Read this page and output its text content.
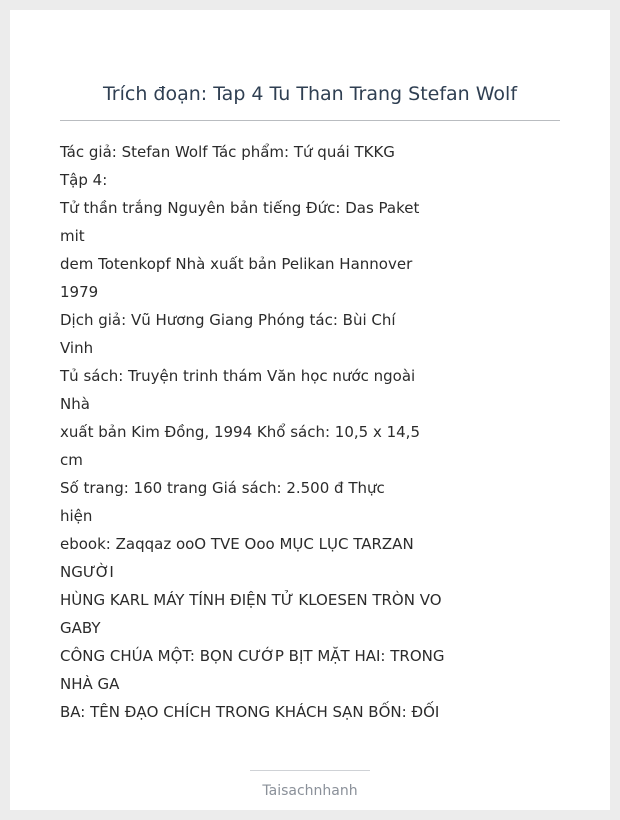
Trích đoạn: Tap 4 Tu Than Trang Stefan Wolf
Tác giả: Stefan Wolf Tác phẩm: Tứ quái TKKG
Tập 4:
Tử thần trắng Nguyên bản tiếng Đức: Das Paket
mit
dem Totenkopf Nhà xuất bản Pelikan Hannover
1979
Dịch giả: Vũ Hương Giang Phóng tác: Bùi Chí
Vinh
Tủ sách: Truyện trinh thám Văn học nước ngoài
Nhà
xuất bản Kim Đồng, 1994 Khổ sách: 10,5 x 14,5
cm
Số trang: 160 trang Giá sách: 2.500 đ Thực
hiện
ebook: Zaqqaz ooO TVE Ooo MỤC LỤC TARZAN
NGƯỜI
HÙNG KARL MÁY TÍNH ĐIỆN TỬ KLOESEN TRÒN VO
GABY
CÔNG CHÚA MỘT: BỌN CƯỚP BỊT MẶT HAI: TRONG
NHÀ GA
BA: TÊN ĐẠO CHÍCH TRONG KHÁCH SẠN BỐN: ĐỐI
Taisachnhanh
